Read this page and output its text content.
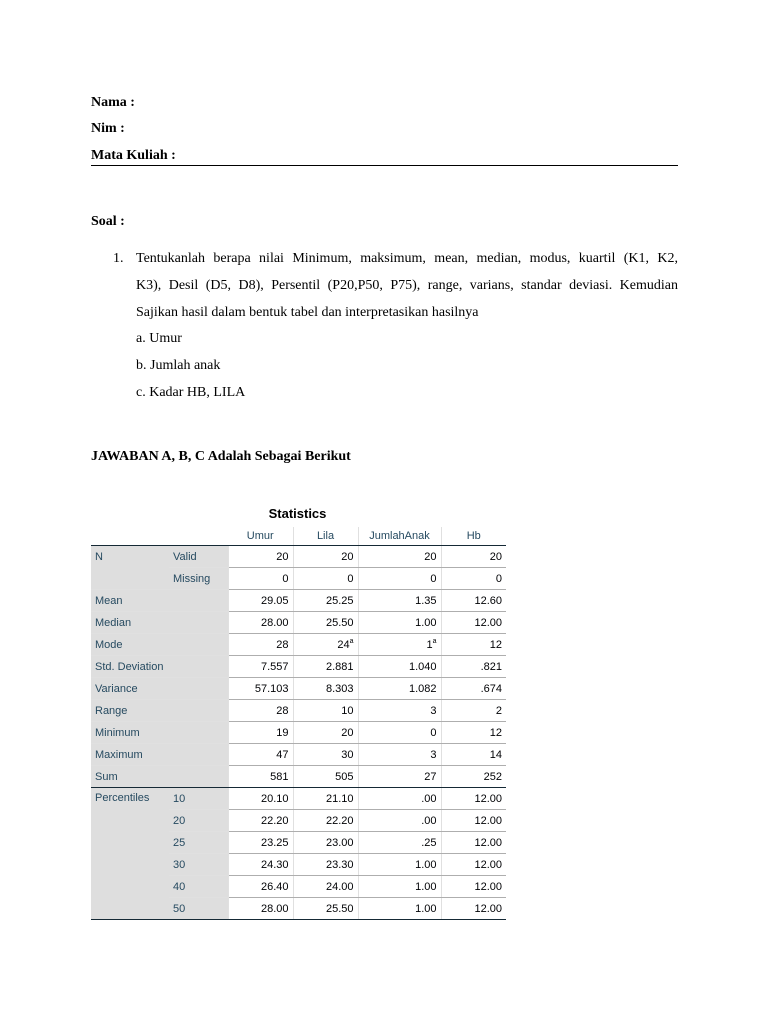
Nama :
Nim :
Mata Kuliah :
Soal :
1. Tentukanlah berapa nilai Minimum, maksimum, mean, median, modus, kuartil (K1, K2,
K3), Desil (D5, D8), Persentil (P20,P50, P75), range, varians, standar deviasi. Kemudian
Sajikan hasil dalam bentuk tabel dan interpretasikan hasilnya
a. Umur
b. Jumlah anak
c. Kadar HB, LILA
JAWABAN A, B, C Adalah Sebagai Berikut
Statistics
		Umur	Lila	JumlahAnak	Hb
N	Valid	20	20	20	20
	Missing	0	0	0	0
Mean		29.05	25.25	1.35	12.60
Median		28.00	25.50	1.00	12.00
Mode		28	24$^a$	1$^a$	12
Std. Deviation		7.557	2.881	1.040	.821
Variance		57.103	8.303	1.082	.674
Range		28	10	3	2
Minimum		19	20	0	12
Maximum		47	30	3	14
Sum		581	505	27	252
Percentiles	10	20.10	21.10	.00	12.00
	20	22.20	22.20	.00	12.00
	25	23.25	23.00	.25	12.00
	30	24.30	23.30	1.00	12.00
	40	26.40	24.00	1.00	12.00
	50	28.00	25.50	1.00	12.00
